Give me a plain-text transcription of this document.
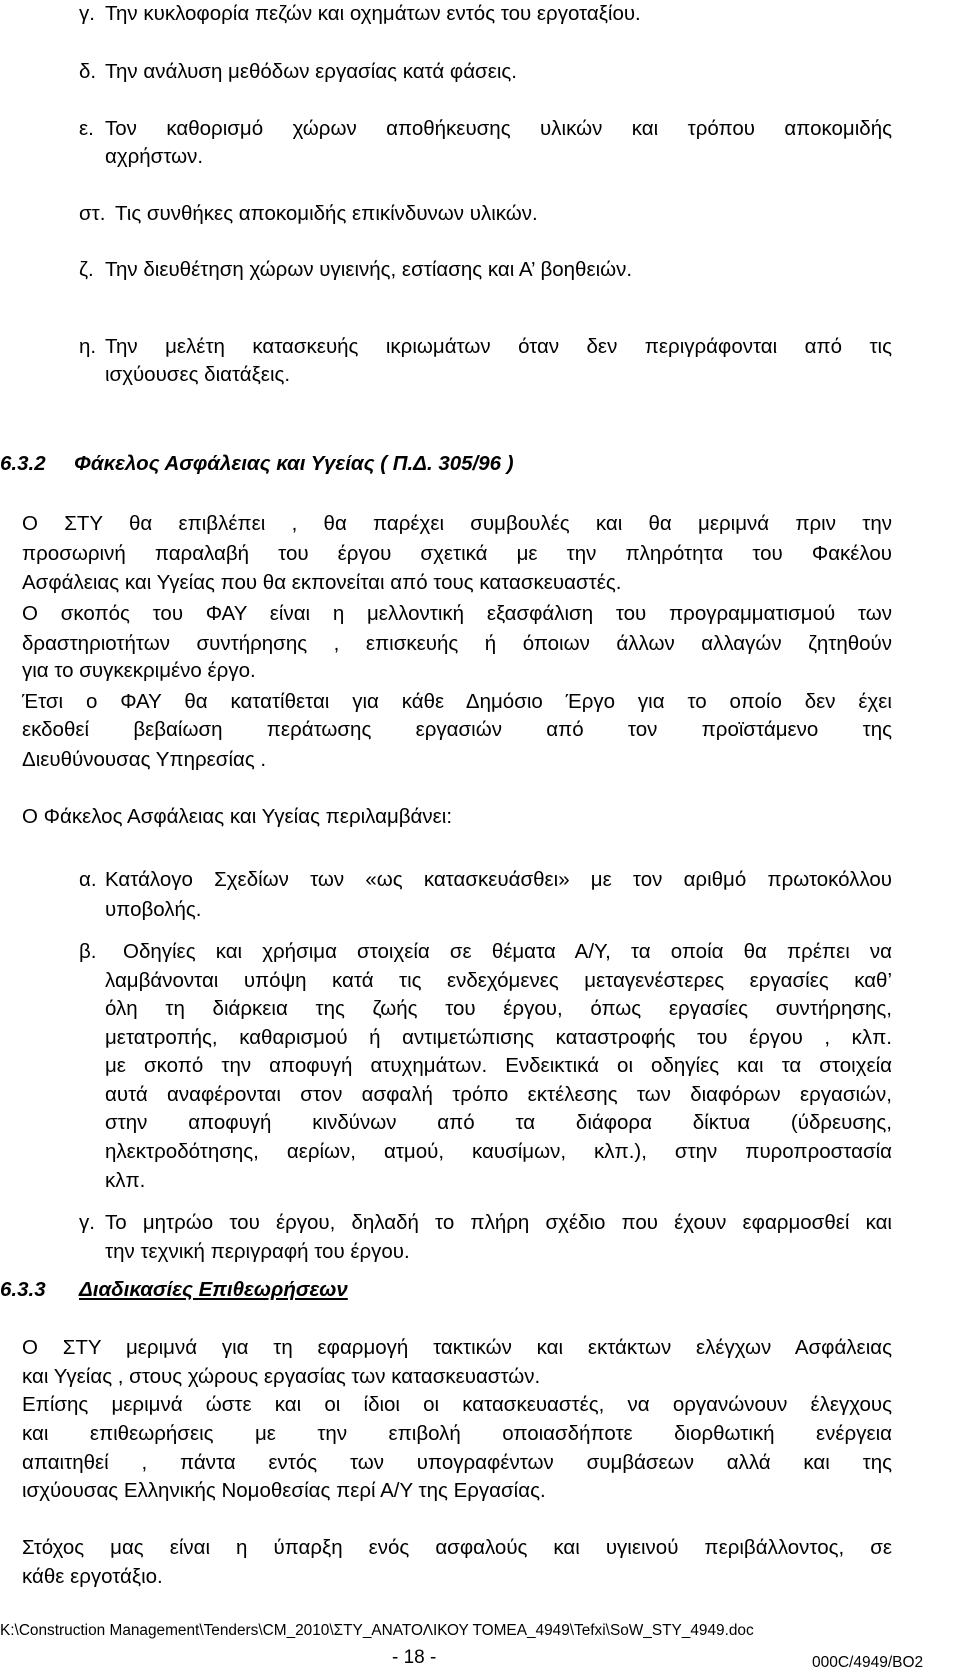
γ. Την κυκλοφορία πεζών και οχημάτων εντός του εργοταξίου.
δ. Την ανάλυση μεθόδων εργασίας κατά φάσεις.
ε. Τον καθορισμό χώρων αποθήκευσης υλικών και τρόπου αποκομιδής
αχρήστων.
στ. Τις συνθήκες αποκομιδής επικίνδυνων υλικών.
ζ. Την διευθέτηση χώρων υγιεινής, εστίασης και Α’ βοηθειών.
η. Την μελέτη κατασκευής ικριωμάτων όταν δεν περιγράφονται από τις
ισχύουσες διατάξεις.
6.3.2 Φάκελος Ασφάλειας και Υγείας ( Π.Δ. 305/96 )
Ο ΣΤΥ θα επιβλέπει , θα παρέχει συμβουλές και θα μεριμνά πριν την
προσωρινή παραλαβή του έργου σχετικά με την πληρότητα του Φακέλου
Ασφάλειας και Υγείας που θα εκπονείται από τους κατασκευαστές.
Ο σκοπός του ΦΑΥ είναι η μελλοντική εξασφάλιση του προγραμματισμού των
δραστηριοτήτων συντήρησης , επισκευής ή όποιων άλλων αλλαγών ζητηθούν
για το συγκεκριμένο έργο.
Έτσι ο ΦΑΥ θα κατατίθεται για κάθε Δημόσιο Έργο για το οποίο δεν έχει
εκδοθεί βεβαίωση περάτωσης εργασιών από τον προϊστάμενο της
Διευθύνουσας Υπηρεσίας .
Ο Φάκελος Ασφάλειας και Υγείας περιλαμβάνει:
α. Κατάλογο Σχεδίων των «ως κατασκευάσθει» με τον αριθμό πρωτοκόλλου
υποβολής.
β. Οδηγίες και χρήσιμα στοιχεία σε θέματα Α/Υ, τα οποία θα πρέπει να
λαμβάνονται υπόψη κατά τις ενδεχόμενες μεταγενέστερες εργασίες καθ’
όλη τη διάρκεια της ζωής του έργου, όπως εργασίες συντήρησης,
μετατροπής, καθαρισμού ή αντιμετώπισης καταστροφής του έργου , κλπ.
με σκοπό την αποφυγή ατυχημάτων. Ενδεικτικά οι οδηγίες και τα στοιχεία
αυτά αναφέρονται στον ασφαλή τρόπο εκτέλεσης των διαφόρων εργασιών,
στην αποφυγή κινδύνων από τα διάφορα δίκτυα (ύδρευσης,
ηλεκτροδότησης, αερίων, ατμού, καυσίμων, κλπ.), στην πυροπροστασία
κλπ.
γ. Το μητρώο του έργου, δηλαδή το πλήρη σχέδιο που έχουν εφαρμοσθεί και
την τεχνική περιγραφή του έργου.
6.3.3 Διαδικασίες Επιθεωρήσεων
Ο ΣΤΥ μεριμνά για τη εφαρμογή τακτικών και εκτάκτων ελέγχων Ασφάλειας
και Υγείας , στους χώρους εργασίας των κατασκευαστών.
Επίσης μεριμνά ώστε και οι ίδιοι οι κατασκευαστές, να οργανώνουν έλεγχους
και επιθεωρήσεις με την επιβολή οποιασδήποτε διορθωτική ενέργεια
απαιτηθεί , πάντα εντός των υπογραφέντων συμβάσεων αλλά και της
ισχύουσας Ελληνικής Νομοθεσίας περί Α/Υ της Εργασίας.
Στόχος μας είναι η ύπαρξη ενός ασφαλούς και υγιεινού περιβάλλοντος, σε
κάθε εργοτάξιο.
K:\Construction Management\Tenders\CM_2010\ΣΤΥ_ΑΝΑΤΟΛΙΚΟΥ ΤΟΜΕΑ_4949\Tefxi\SoW_STY_4949.doc
- 18 -	000C/4949/BO2
